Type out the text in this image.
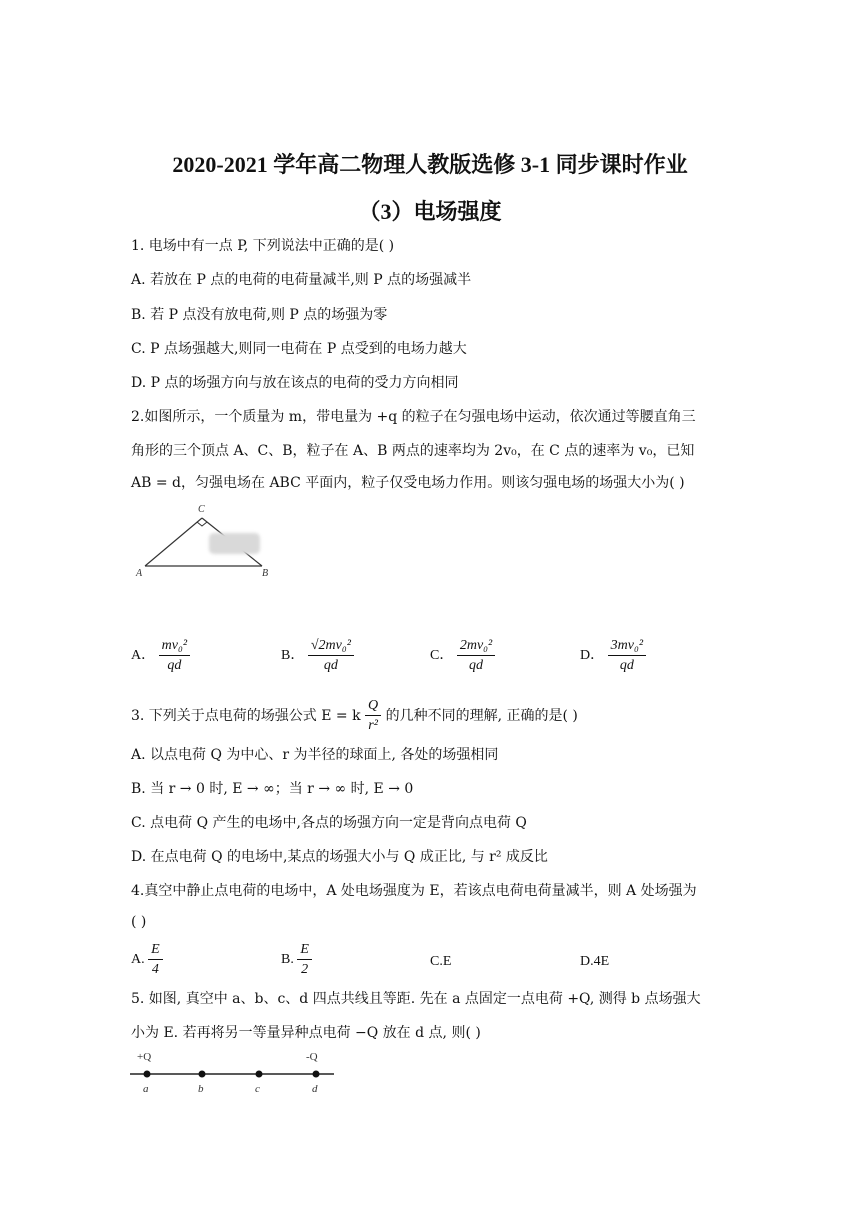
2020-2021 学年高二物理人教版选修 3-1 同步课时作业
（3）电场强度
1. 电场中有一点 P, 下列说法中正确的是( )
A. 若放在 P 点的电荷的电荷量减半,则 P 点的场强减半
B. 若 P 点没有放电荷,则 P 点的场强为零
C. P 点场强越大,则同一电荷在 P 点受到的电场力越大
D. P 点的场强方向与放在该点的电荷的受力方向相同
2.如图所示，一个质量为 m，带电量为 +q 的粒子在匀强电场中运动，依次通过等腰直角三
角形的三个顶点 A、C、B，粒子在 A、B 两点的速率均为 2v₀，在 C 点的速率为 v₀，已知
AB = d，匀强电场在 ABC 平面内，粒子仅受电场力作用。则该匀强电场的场强大小为( )
C
A	B
A． $\frac{\text{mv₀²}}{qd}$	B． $\frac{\text{√2mv₀²}}{qd}$	C． $\frac{\text{2mv₀²}}{qd}$	D． $\frac{\text{3mv₀²}}{qd}$
3. 下列关于点电荷的场强公式 E = k $\frac{Q}{\text{r²}}$ 的几种不同的理解, 正确的是( )
A. 以点电荷 Q 为中心、r 为半径的球面上, 各处的场强相同
B. 当 r → 0 时, E → ∞；当 r → ∞ 时, E → 0
C. 点电荷 Q 产生的电场中,各点的场强方向一定是背向点电荷 Q
D. 在点电荷 Q 的电场中,某点的场强大小与 Q 成正比, 与 r² 成反比
4.真空中静止点电荷的电场中，A 处电场强度为 E，若该点电荷电荷量减半，则 A 处场强为
( )
A. $\frac{E}{4}$	B. $\frac{E}{2}$	C.E	D.4E
5. 如图, 真空中 a、b、c、d 四点共线且等距. 先在 a 点固定一点电荷 +Q, 测得 b 点场强大
小为 E. 若再将另一等量异种点电荷 −Q 放在 d 点, 则( )
+Q	-Q
a	b	c	d
